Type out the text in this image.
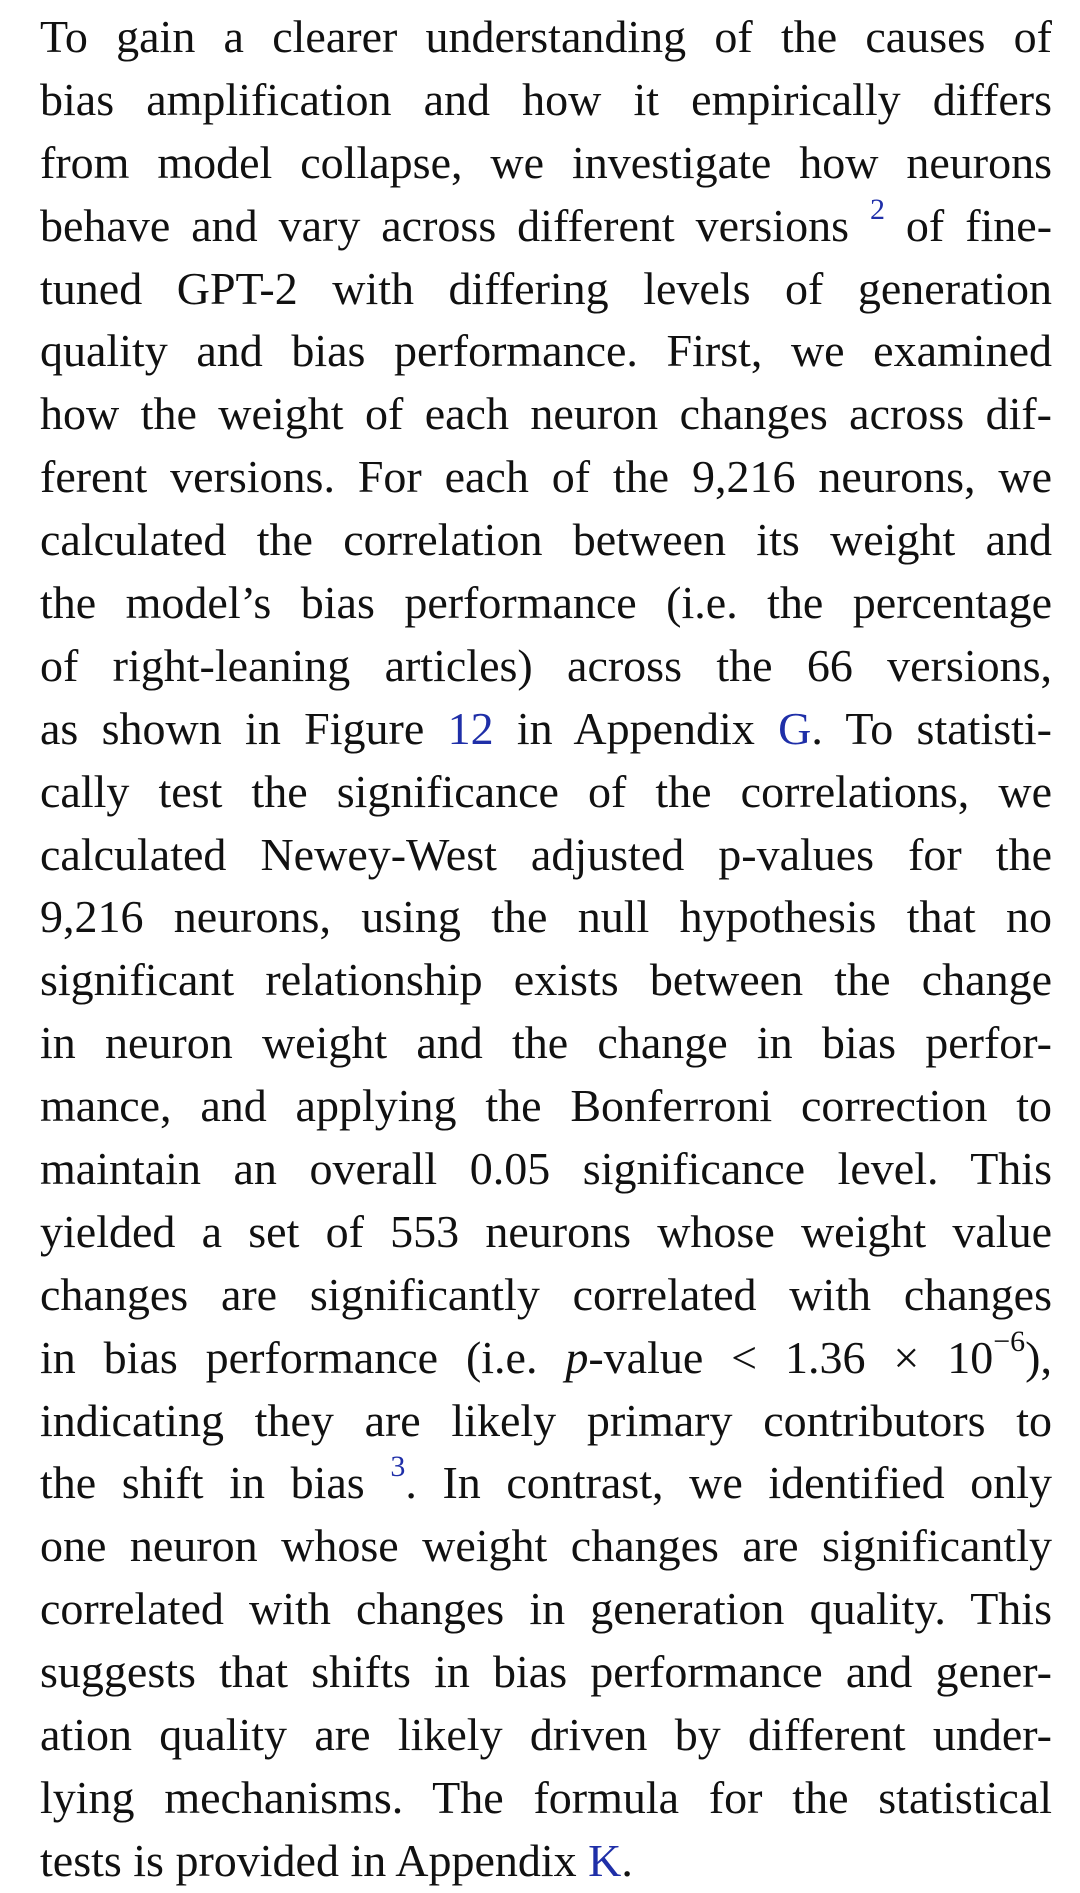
To gain a clearer understanding of the causes of
bias amplification and how it empirically differs
from model collapse, we investigate how neurons
behave and vary across different versions $^2$ of fine-
tuned GPT-2 with differing levels of generation
quality and bias performance. First, we examined
how the weight of each neuron changes across dif-
ferent versions. For each of the 9,216 neurons, we
calculated the correlation between its weight and
the model’s bias performance (i.e. the percentage
of right-leaning articles) across the 66 versions,
as shown in Figure 12 in Appendix G. To statisti-
cally test the significance of the correlations, we
calculated Newey-West adjusted p-values for the
9,216 neurons, using the null hypothesis that no
significant relationship exists between the change
in neuron weight and the change in bias perfor-
mance, and applying the Bonferroni correction to
maintain an overall 0.05 significance level. This
yielded a set of 553 neurons whose weight value
changes are significantly correlated with changes
in bias performance (i.e. p-value < $1.36 \times 10^{-6}$),
indicating they are likely primary contributors to
the shift in bias $^3$. In contrast, we identified only
one neuron whose weight changes are significantly
correlated with changes in generation quality. This
suggests that shifts in bias performance and gener-
ation quality are likely driven by different under-
lying mechanisms. The formula for the statistical
tests is provided in Appendix K.
